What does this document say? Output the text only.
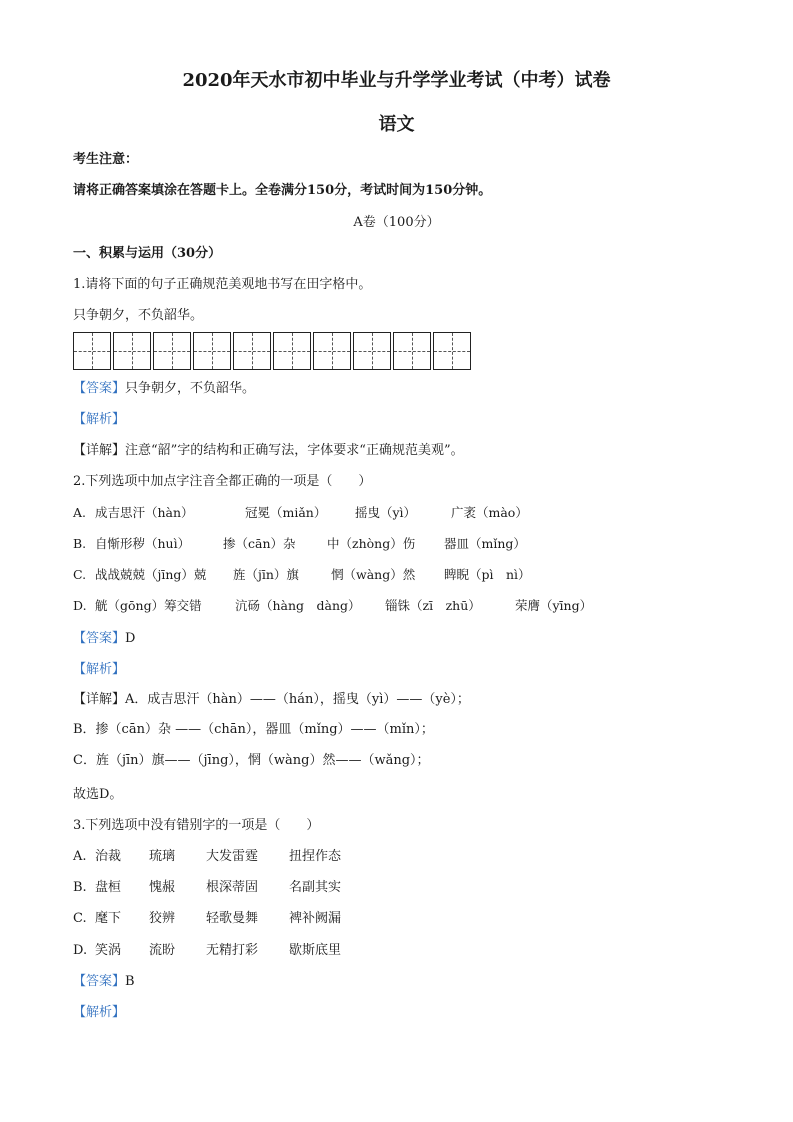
2020年天水市初中毕业与升学学业考试（中考）试卷
语文
考生注意：
请将正确答案填涂在答题卡上。全卷满分150分，考试时间为150分钟。
A卷（100分）
一、积累与运用（30分）
1.请将下面的句子正确规范美观地书写在田字格中。
只争朝夕，不负韶华。
【答案】只争朝夕，不负韶华。
【解析】
【详解】注意“韶”字的结构和正确写法，字体要求“正确规范美观”。
2.下列选项中加点字注音全都正确的一项是（　　）
A. 成吉思汗（hàn）	冠冕（miǎn） 摇曳（yì）	广袤（mào）
B. 自惭形秽（huì）	掺（cān）杂	中（zhòng）伤 器皿（mǐng）
C. 战战兢兢（jīng）兢 旌（jīn）旗	惘（wàng）然 睥睨（pì　nì）
D. 觥（gōng）筹交错	沆砀（hàng　dàng） 锱铢（zī　zhū）	荣膺（yīng）
【答案】D
【解析】
【详解】A．成吉思汗（hàn）——（hán），摇曳（yì）——（yè）；
B．掺（cān）杂 ——（chān），器皿（mǐng）——（mǐn）；
C．旌（jīn）旗——（jīng），惘（wàng）然——（wǎng）；
故选D。
3.下列选项中没有错别字的一项是（　　）
A. 治裁 琉璃 大发雷霆 扭捏作态
B. 盘桓 愧赧 根深蒂固 名副其实
C. 麾下 狡辨 轻歌曼舞 裨补阙漏
D. 笑涡 流盼 无精打彩 歇斯底里
【答案】B
【解析】
